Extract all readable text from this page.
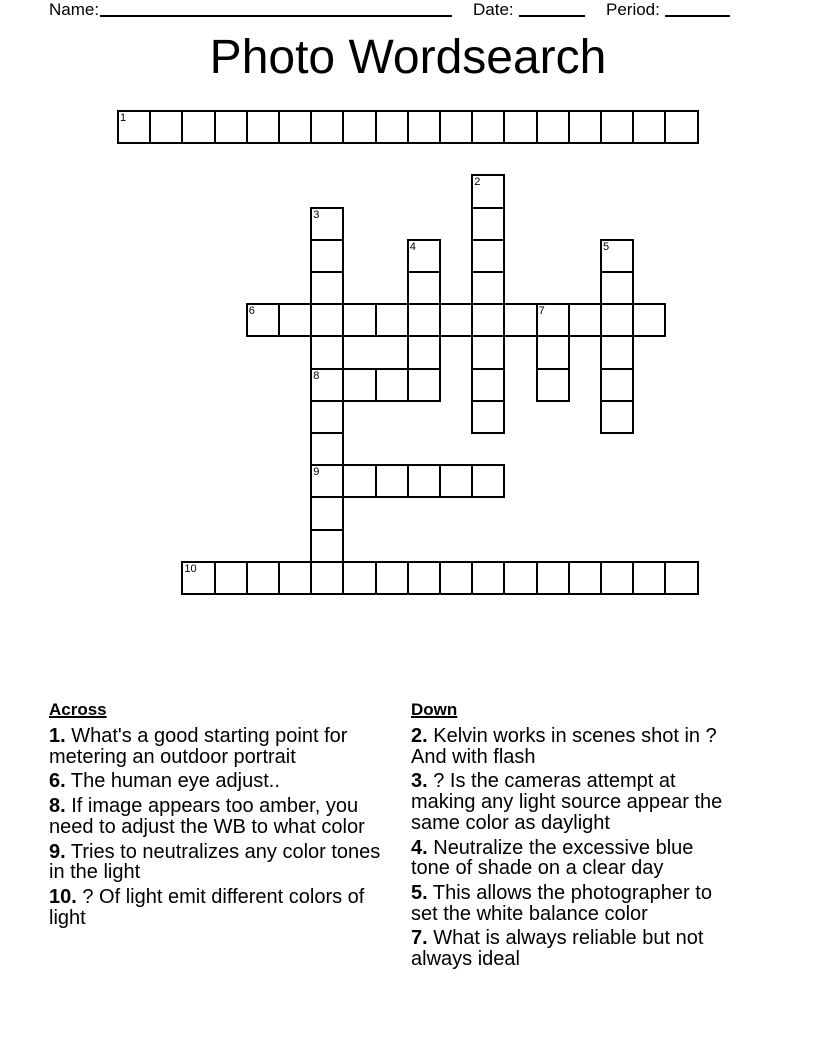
Name:	Date:	Period:
Photo Wordsearch
1
2
3
8
9
4	5
6	7
10
Across

1. What's a good starting point for metering an outdoor portrait

6. The human eye adjust..

8. If image appears too amber, you need to adjust the WB to what color

9. Tries to neutralizes any color tones in the light

10. ? Of light emit different colors of light

Down

2. Kelvin works in scenes shot in ? And with flash

3. ? Is the cameras attempt at making any light source appear the same color as daylight

4. Neutralize the excessive blue tone of shade on a clear day

5. This allows the photographer to set the white balance color

7. What is always reliable but not always ideal
